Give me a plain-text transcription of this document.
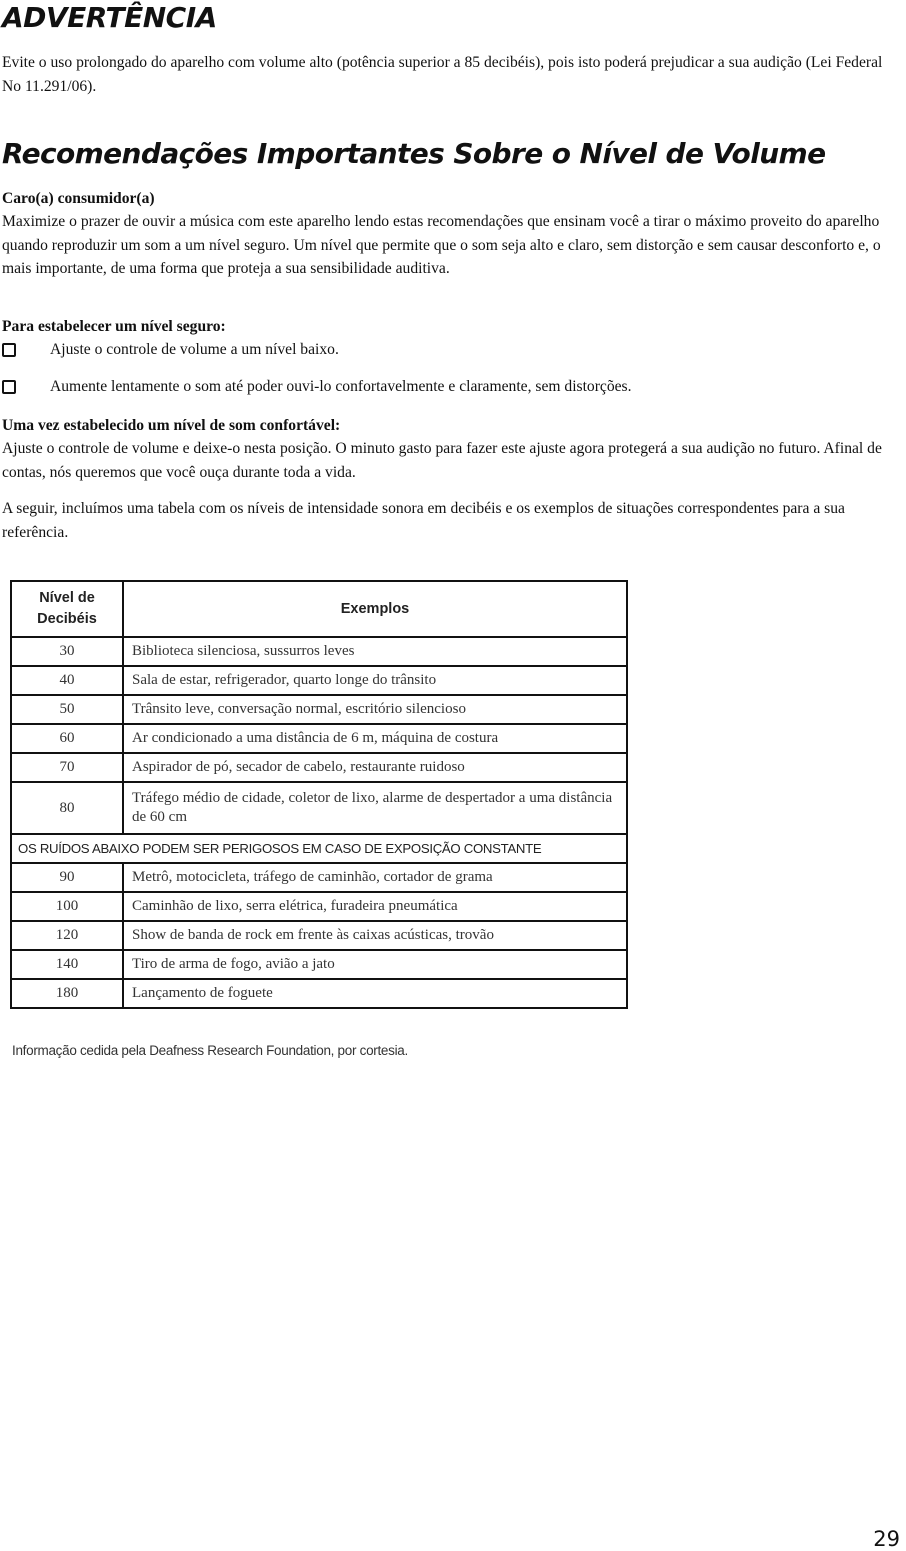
ADVERTÊNCIA

Evite o uso prolongado do aparelho com volume alto (potência superior a 85 decibéis), pois isto poderá prejudicar a sua audição (Lei Federal No 11.291/06).

Recomendações Importantes Sobre o Nível de Volume

Caro(a) consumidor(a)

Maximize o prazer de ouvir a música com este aparelho lendo estas recomendações que ensinam você a tirar o máximo proveito do aparelho quando reproduzir um som a um nível seguro. Um nível que permite que o som seja alto e claro, sem distorção e sem causar desconforto e, o mais importante, de uma forma que proteja a sua sensibilidade auditiva.

Para estabelecer um nível seguro:

Ajuste o controle de volume a um nível baixo.
Aumente lentamente o som até poder ouvi-lo confortavelmente e claramente, sem distorções.

Uma vez estabelecido um nível de som confortável:

Ajuste o controle de volume e deixe-o nesta posição. O minuto gasto para fazer este ajuste agora protegerá a sua audição no futuro. Afinal de contas, nós queremos que você ouça durante toda a vida.

A seguir, incluímos uma tabela com os níveis de intensidade sonora em decibéis e os exemplos de situações correspondentes para a sua referência.

Nível de
Decibéis	Exemplos
30	Biblioteca silenciosa, sussurros leves
40	Sala de estar, refrigerador, quarto longe do trânsito
50	Trânsito leve, conversação normal, escritório silencioso
60	Ar condicionado a uma distância de 6 m, máquina de costura
70	Aspirador de pó, secador de cabelo, restaurante ruidoso
80	Tráfego médio de cidade, coletor de lixo, alarme de despertador a uma distância de 60 cm
OS RUÍDOS ABAIXO PODEM SER PERIGOSOS EM CASO DE EXPOSIÇÃO CONSTANTE	
90	Metrô, motocicleta, tráfego de caminhão, cortador de grama
100	Caminhão de lixo, serra elétrica, furadeira pneumática
120	Show de banda de rock em frente às caixas acústicas, trovão
140	Tiro de arma de fogo, avião a jato
180	Lançamento de foguete

Informação cedida pela Deafness Research Foundation, por cortesia.

29
